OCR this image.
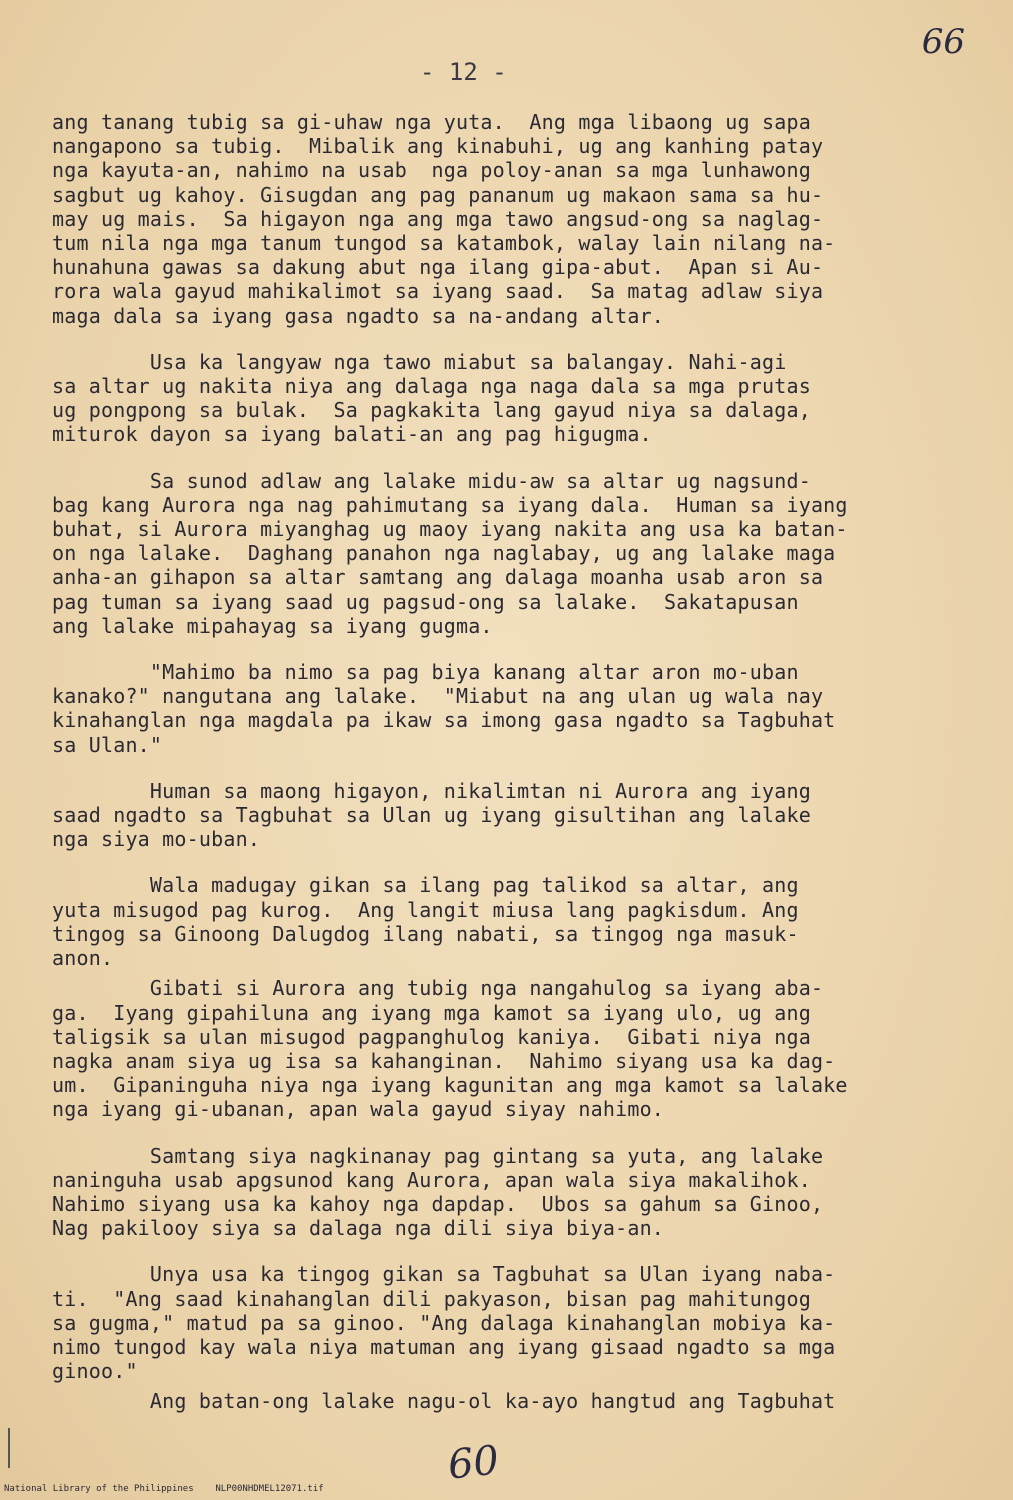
66
- 12 -
ang tanang tubig sa gi-uhaw nga yuta.  Ang mga libaong ug sapa
nangapono sa tubig.  Mibalik ang kinabuhi, ug ang kanhing patay
nga kayuta-an, nahimo na usab  nga poloy-anan sa mga lunhawong
sagbut ug kahoy. Gisugdan ang pag pananum ug makaon sama sa hu-
may ug mais.  Sa higayon nga ang mga tawo angsud-ong sa naglag-
tum nila nga mga tanum tungod sa katambok, walay lain nilang na-
hunahuna gawas sa dakung abut nga ilang gipa-abut.  Apan si Au-
rora wala gayud mahikalimot sa iyang saad.  Sa matag adlaw siya
maga dala sa iyang gasa ngadto sa na-andang altar.
Usa ka langyaw nga tawo miabut sa balangay. Nahi-agi
sa altar ug nakita niya ang dalaga nga naga dala sa mga prutas
ug pongpong sa bulak.  Sa pagkakita lang gayud niya sa dalaga,
miturok dayon sa iyang balati-an ang pag higugma.
Sa sunod adlaw ang lalake midu-aw sa altar ug nagsund-
bag kang Aurora nga nag pahimutang sa iyang dala.  Human sa iyang
buhat, si Aurora miyanghag ug maoy iyang nakita ang usa ka batan-
on nga lalake.  Daghang panahon nga naglabay, ug ang lalake maga
anha-an gihapon sa altar samtang ang dalaga moanha usab aron sa
pag tuman sa iyang saad ug pagsud-ong sa lalake.  Sakatapusan
ang lalake mipahayag sa iyang gugma.
"Mahimo ba nimo sa pag biya kanang altar aron mo-uban
kanako?" nangutana ang lalake.  "Miabut na ang ulan ug wala nay
kinahanglan nga magdala pa ikaw sa imong gasa ngadto sa Tagbuhat
sa Ulan."
Human sa maong higayon, nikalimtan ni Aurora ang iyang
saad ngadto sa Tagbuhat sa Ulan ug iyang gisultihan ang lalake
nga siya mo-uban.
Wala madugay gikan sa ilang pag talikod sa altar, ang
yuta misugod pag kurog.  Ang langit miusa lang pagkisdum. Ang
tingog sa Ginoong Dalugdog ilang nabati, sa tingog nga masuk-
anon.
Gibati si Aurora ang tubig nga nangahulog sa iyang aba-
ga.  Iyang gipahiluna ang iyang mga kamot sa iyang ulo, ug ang
taligsik sa ulan misugod pagpanghulog kaniya.  Gibati niya nga
nagka anam siya ug isa sa kahanginan.  Nahimo siyang usa ka dag-
um.  Gipaninguha niya nga iyang kagunitan ang mga kamot sa lalake
nga iyang gi-ubanan, apan wala gayud siyay nahimo.
Samtang siya nagkinanay pag gintang sa yuta, ang lalake
naninguha usab apgsunod kang Aurora, apan wala siya makalihok.
Nahimo siyang usa ka kahoy nga dapdap.  Ubos sa gahum sa Ginoo,
Nag pakilooy siya sa dalaga nga dili siya biya-an.
Unya usa ka tingog gikan sa Tagbuhat sa Ulan iyang naba-
ti.  "Ang saad kinahanglan dili pakyason, bisan pag mahitungog
sa gugma," matud pa sa ginoo. "Ang dalaga kinahanglan mobiya ka-
nimo tungod kay wala niya matuman ang iyang gisaad ngadto sa mga
ginoo."
Ang batan-ong lalake nagu-ol ka-ayo hangtud ang Tagbuhat
60
National Library of the Philippines    NLP00NHDMEL12071.tif
